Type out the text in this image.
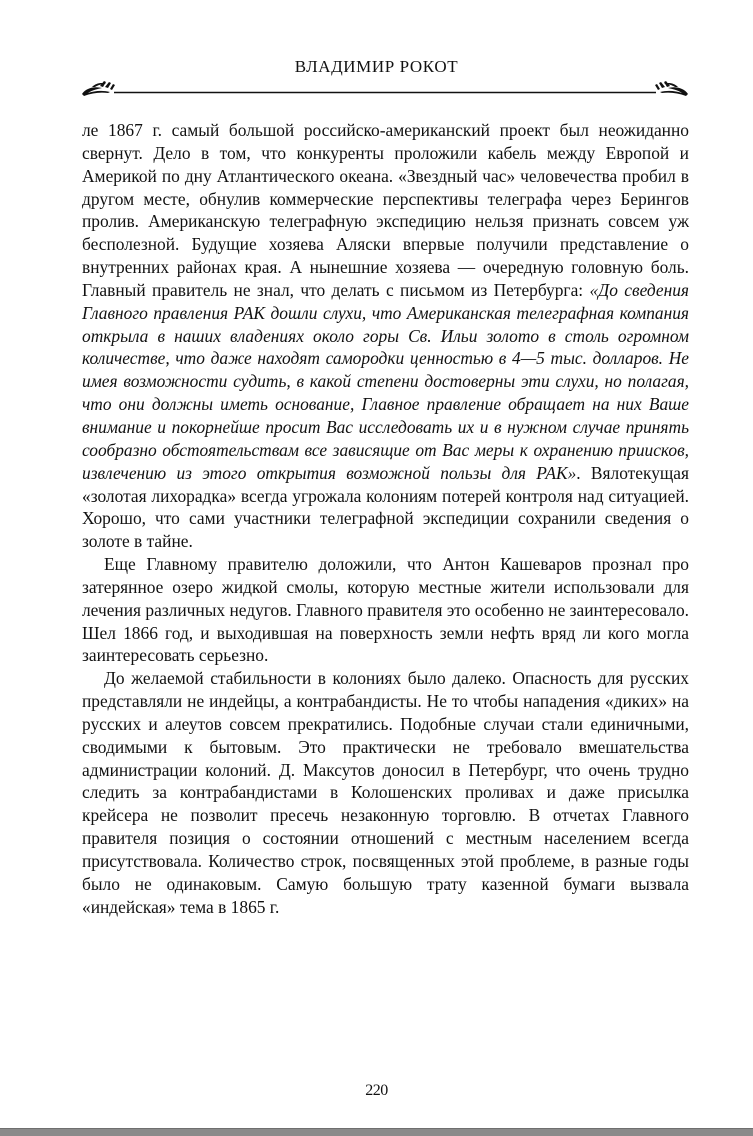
ВЛАДИМИР РОКОТ

ле 1867 г. самый большой российско-американский проект был неожиданно свернут. Дело в том, что конкуренты проложили кабель между Европой и Америкой по дну Атлантического океана. «Звездный час» человечества пробил в другом месте, обнулив коммерческие перспективы телеграфа через Берингов пролив. Американскую телеграфную экспедицию нельзя признать совсем уж бесполезной. Будущие хозяева Аляски впервые получили представление о внутренних районах края. А нынешние хозяева — очередную головную боль. Главный правитель не знал, что делать с письмом из Петербурга: «До сведения Главного правления РАК дошли слухи, что Американская телеграфная компания открыла в наших владениях около горы Св. Ильи золото в столь огромном количестве, что даже находят самородки ценностью в 4—5 тыс. долларов. Не имея возможности судить, в какой степени достоверны эти слухи, но полагая, что они должны иметь основание, Главное правление обращает на них Ваше внимание и покорнейше просит Вас исследовать их и в нужном случае принять сообразно обстоятельствам все зависящие от Вас меры к охранению приисков, извлечению из этого открытия возможной пользы для РАК». Вялотекущая «золотая лихорадка» всегда угрожала колониям потерей контроля над ситуацией. Хорошо, что сами участники телеграфной экспедиции сохранили сведения о золоте в тайне.

Еще Главному правителю доложили, что Антон Кашеваров прознал про затерянное озеро жидкой смолы, которую местные жители использовали для лечения различных недугов. Главного правителя это особенно не заинтересовало. Шел 1866 год, и выходившая на поверхность земли нефть вряд ли кого могла заинтересовать серьезно.

До желаемой стабильности в колониях было далеко. Опасность для русских представляли не индейцы, а контрабандисты. Не то чтобы нападения «диких» на русских и алеутов совсем прекратились. Подобные случаи стали единичными, сводимыми к бытовым. Это практически не требовало вмешательства администрации колоний. Д. Максутов доносил в Петербург, что очень трудно следить за контрабандистами в Колошенских проливах и даже присылка крейсера не позволит пресечь незаконную торговлю. В отчетах Главного правителя позиция о состоянии отношений с местным населением всегда присутствовала. Количество строк, посвященных этой проблеме, в разные годы было не одинаковым. Самую большую трату казенной бумаги вызвала «индейская» тема в 1865 г.

220
